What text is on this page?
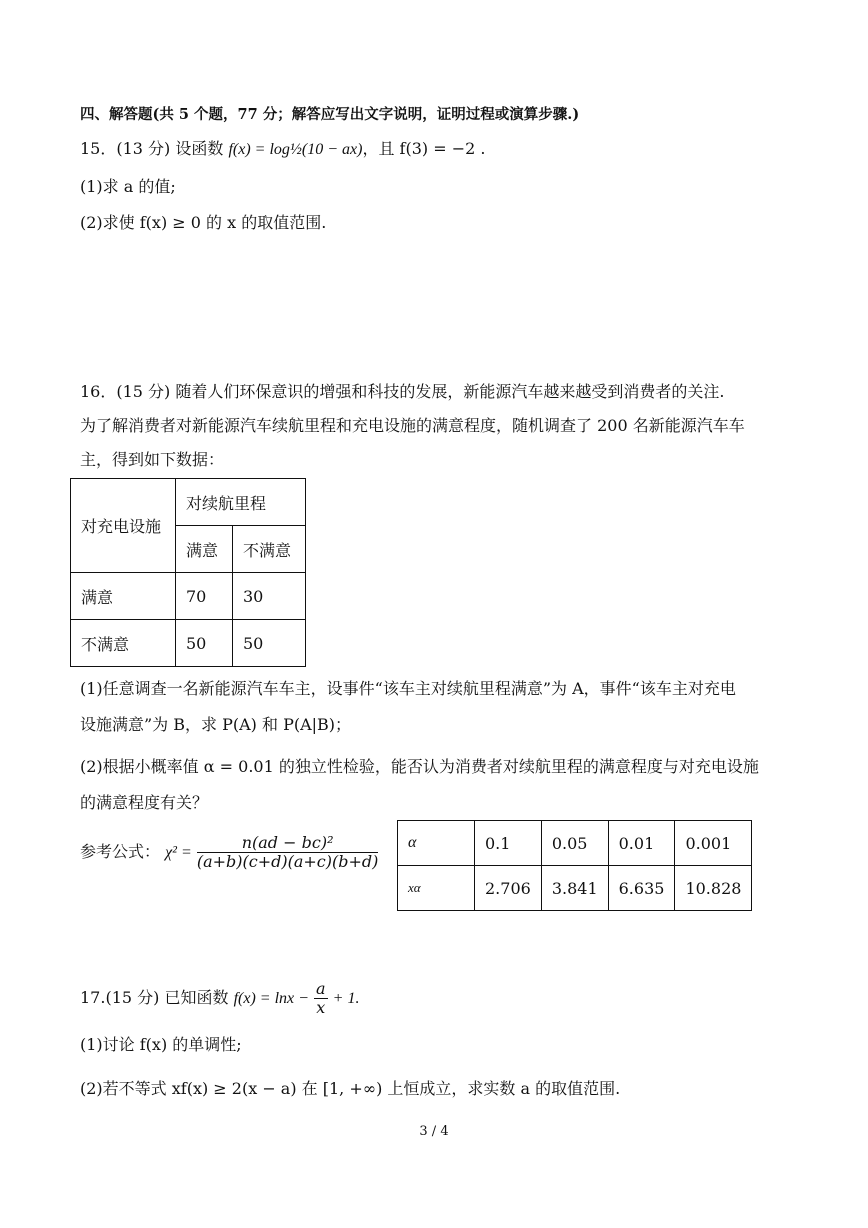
四、解答题(共 5 个题，77 分；解答应写出文字说明，证明过程或演算步骤.)
15．(13 分) 设函数 f(x) = log½(10 − ax)，且 f(3) = −2 .
(1)求 a 的值;
(2)求使 f(x) ≥ 0 的 x 的取值范围.
16．(15 分) 随着人们环保意识的增强和科技的发展，新能源汽车越来越受到消费者的关注.
为了解消费者对新能源汽车续航里程和充电设施的满意程度，随机调查了 200 名新能源汽车车
主，得到如下数据：
对充电设施	对续航里程	
	满意	不满意
满意	70	30
不满意	50	50
(1)任意调查一名新能源汽车车主，设事件“该车主对续航里程满意”为 A，事件“该车主对充电
设施满意”为 B，求 P(A) 和 P(A|B)；
(2)根据小概率值 α = 0.01 的独立性检验，能否认为消费者对续航里程的满意程度与对充电设施
的满意程度有关？
参考公式： $\chi^2 = \frac{\text{n(ad − bc)²}}{(a+b)(c+d)(a+c)(b+d)}$ α	0.1	0.05	0.01	0.001
xα	2.706	3.841	6.635	10.828
17.(15 分) 已知函数 $f(x) = \ln x - \frac{a}{x} + 1$.
(1)讨论 f(x) 的单调性;
(2)若不等式 xf(x) ≥ 2(x − a) 在 [1, +∞) 上恒成立，求实数 a 的取值范围.
3 / 4
